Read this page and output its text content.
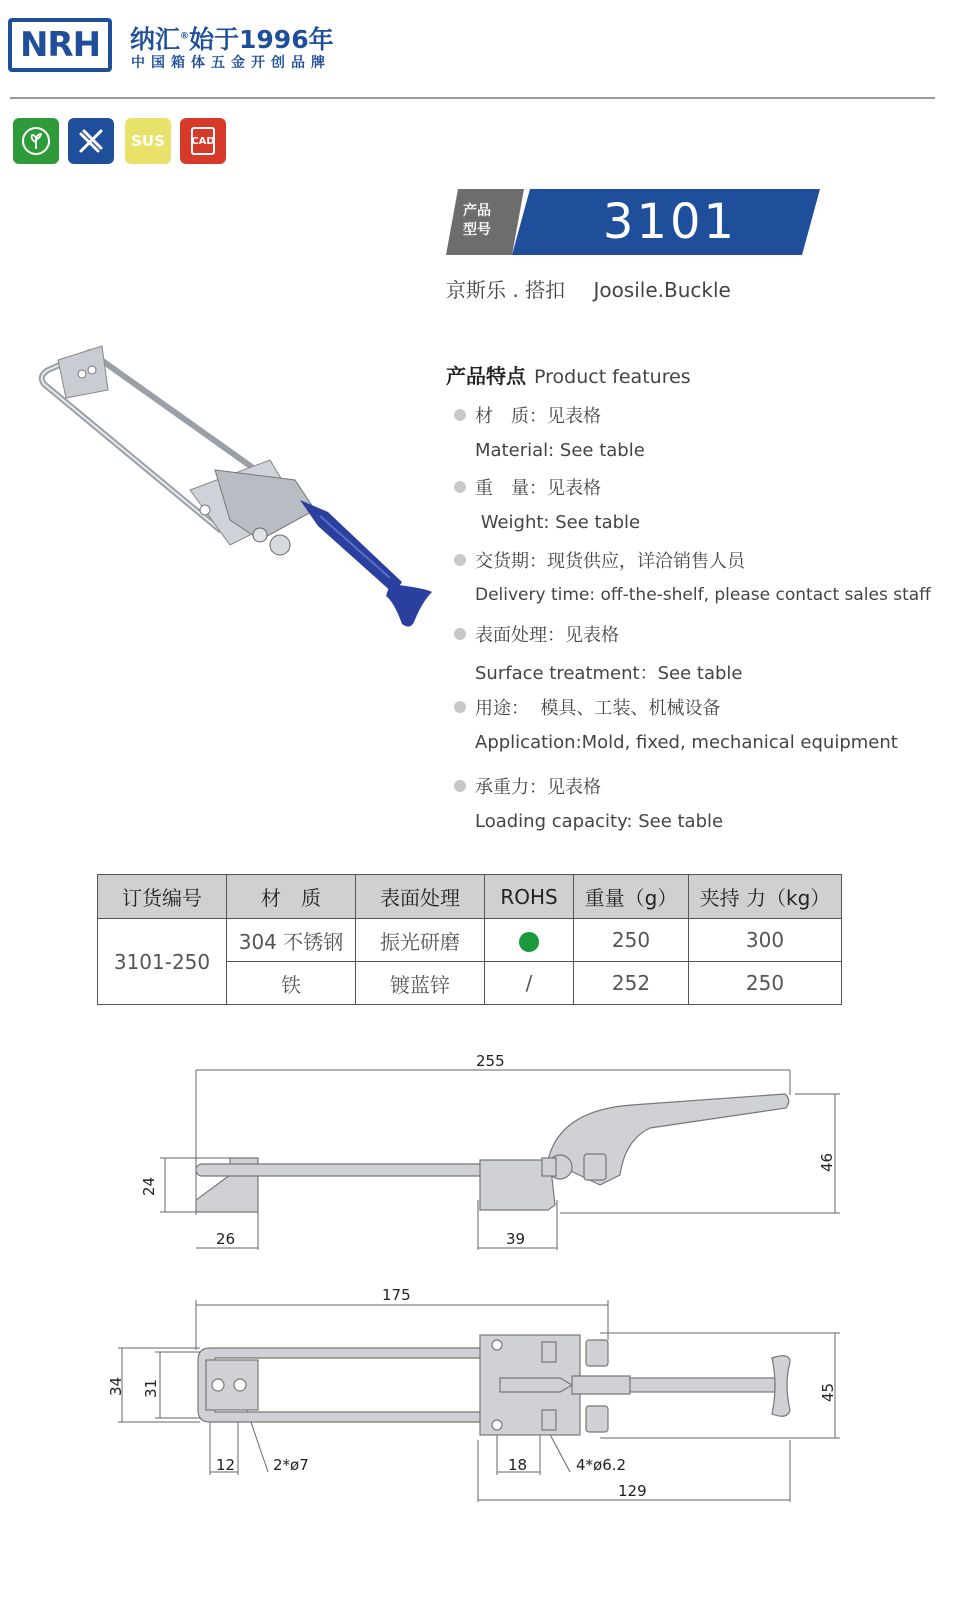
NRH 纳汇®始于1996年
中国箱体五金开创品牌
SUS	CAD
产品 型号	3101
京斯乐 . 搭扣 Joosile.Buckle
产品特点 Product features
材　质：见表格
Material: See table
重　量：见表格
Weight: See table
交货期：现货供应，详洽销售人员
Delivery time: off-the-shelf, please contact sales staff
表面处理：见表格
Surface treatment：See table
用途：  模具、工装、机械设备
Application:Mold, fixed, mechanical equipment
承重力：见表格
Loading capacity: See table
订货编号	材　质	表面处理	ROHS	重量（g）	夹持 力（kg）
3101-250	304 不锈钢	振光研磨		250	300
	铁	镀蓝锌	/	252	250
255
24
46
26	39
175
34 31	45
12	2*ø7	18	4*ø6.2
129
